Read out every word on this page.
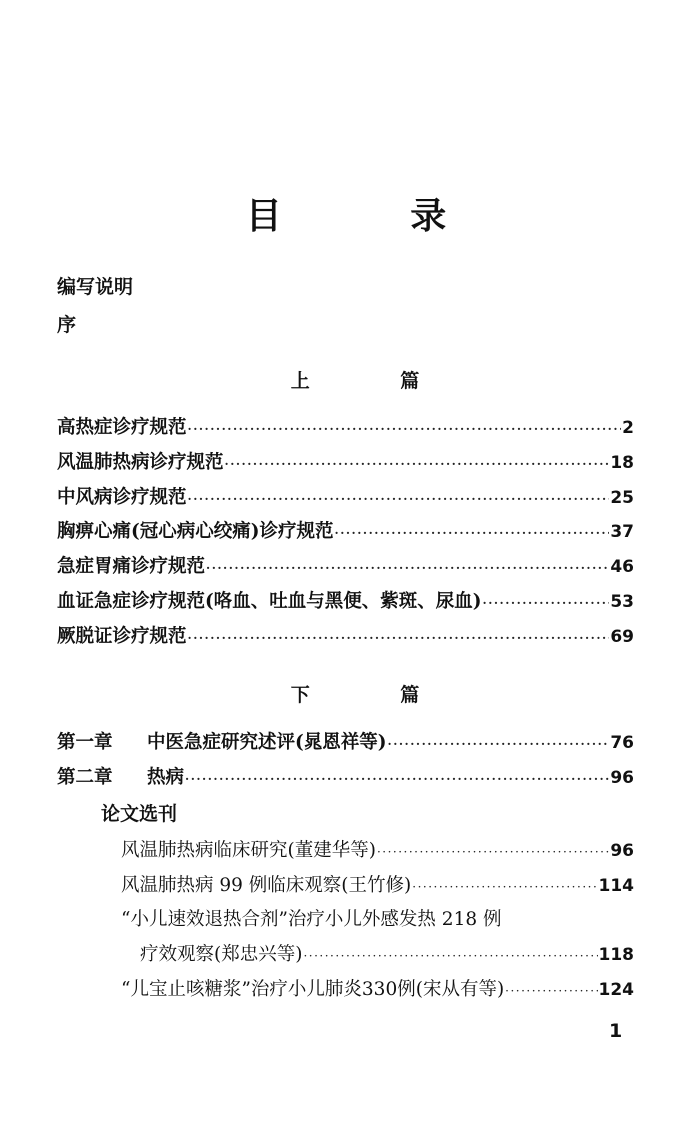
目 录
编写说明
序
上 篇
高热症诊疗规范 ·····	2
风温肺热病诊疗规范 ·····	18
中风病诊疗规范 ·····	25
胸痹心痛(冠心病心绞痛)诊疗规范 ·····	37
急症胃痛诊疗规范 ·····	46
血证急症诊疗规范(咯血、吐血与黑便、紫斑、尿血) ·····	53
厥脱证诊疗规范 ·····	69
下 篇
第一章 中医急症研究述评(晁恩祥等) ·····	76
第二章 热病 ·····	96
论文选刊
风温肺热病临床研究(董建华等) ·····	96
风温肺热病 99 例临床观察(王竹修) ·····	114
“小儿速效退热合剂”治疗小儿外感发热 218 例
疗效观察(郑忠兴等) ·····	118
“儿宝止咳糖浆”治疗小儿肺炎330例(宋从有等) ·····	124
1
